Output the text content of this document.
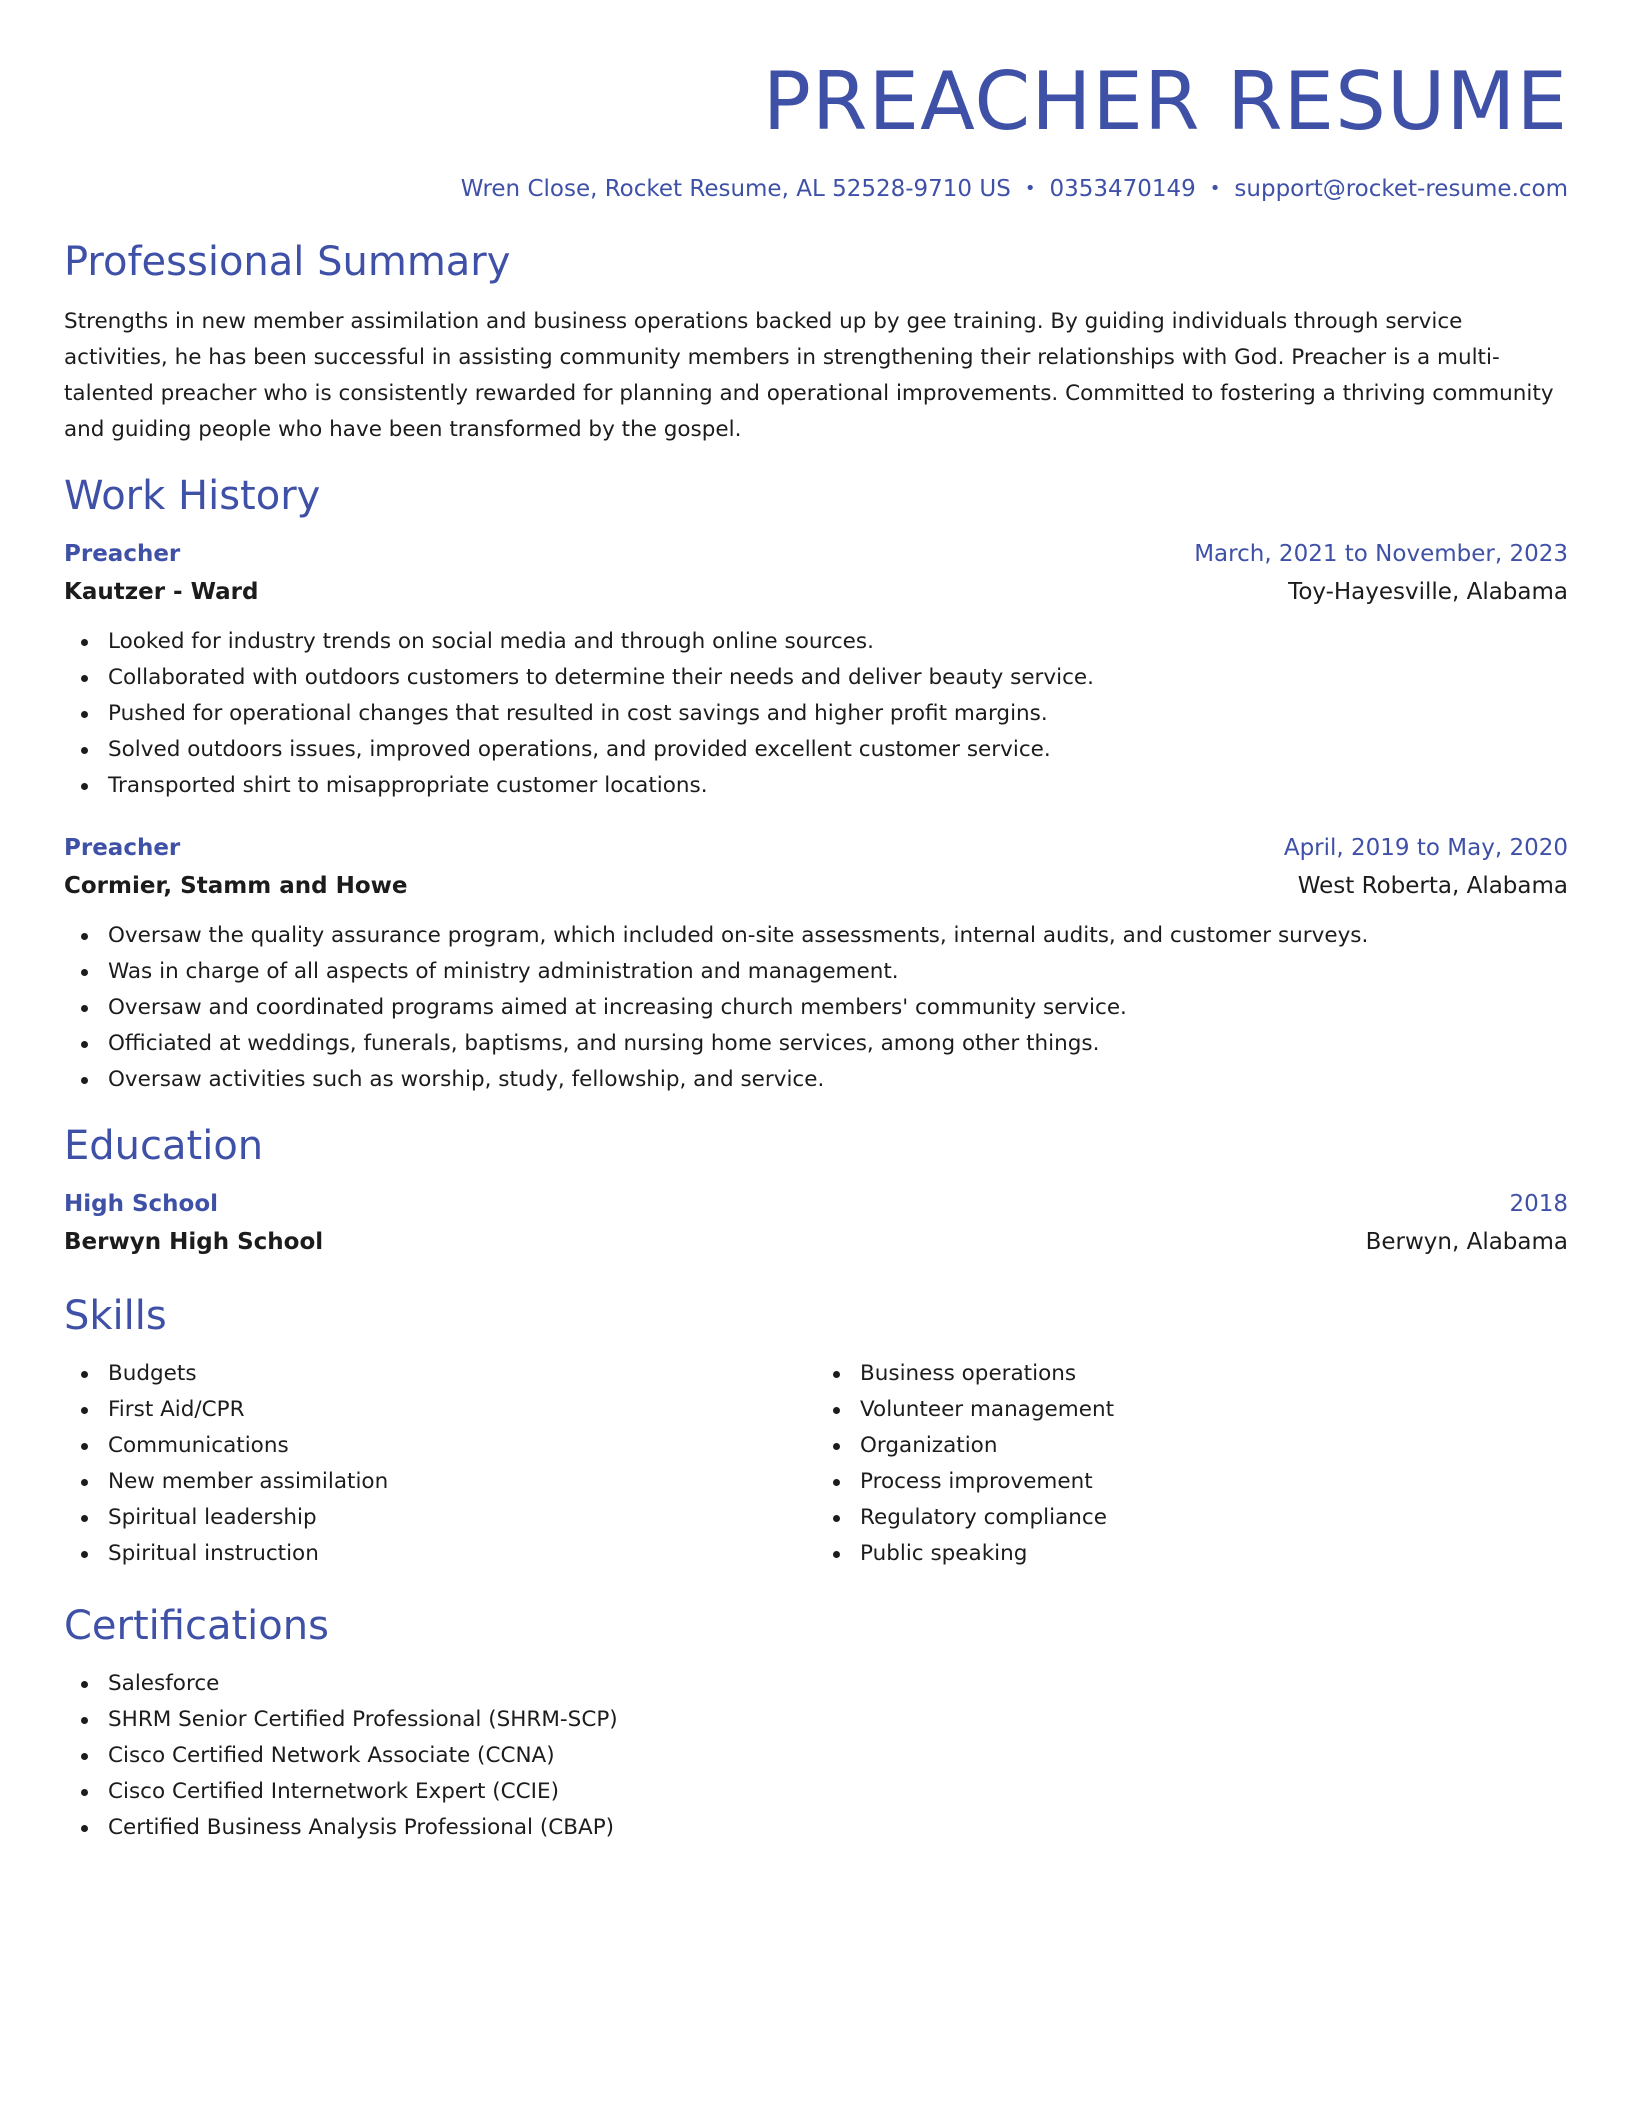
PREACHER RESUME
Wren Close, Rocket Resume, AL 52528-9710 US • 0353470149 • support@rocket-resume.com
Professional Summary

Strengths in new member assimilation and business operations backed up by gee training. By guiding individuals through service activities, he has been successful in assisting community members in strengthening their relationships with God. Preacher is a multi-talented preacher who is consistently rewarded for planning and operational improvements. Committed to fostering a thriving community and guiding people who have been transformed by the gospel.

Work History
Preacher	March, 2021 to November, 2023
Kautzer - Ward	Toy-Hayesville, Alabama
Looked for industry trends on social media and through online sources.
Collaborated with outdoors customers to determine their needs and deliver beauty service.
Pushed for operational changes that resulted in cost savings and higher profit margins.
Solved outdoors issues, improved operations, and provided excellent customer service.
Transported shirt to misappropriate customer locations.
Preacher	April, 2019 to May, 2020
Cormier, Stamm and Howe	West Roberta, Alabama
Oversaw the quality assurance program, which included on-site assessments, internal audits, and customer surveys.
Was in charge of all aspects of ministry administration and management.
Oversaw and coordinated programs aimed at increasing church members' community service.
Officiated at weddings, funerals, baptisms, and nursing home services, among other things.
Oversaw activities such as worship, study, fellowship, and service.
Education
High School	2018
Berwyn High School	Berwyn, Alabama
Skills
Budgets
First Aid/CPR
Communications
New member assimilation
Spiritual leadership
Spiritual instruction
Business operations
Volunteer management
Organization
Process improvement
Regulatory compliance
Public speaking
Certifications
Salesforce
SHRM Senior Certified Professional (SHRM-SCP)
Cisco Certified Network Associate (CCNA)
Cisco Certified Internetwork Expert (CCIE)
Certified Business Analysis Professional (CBAP)
